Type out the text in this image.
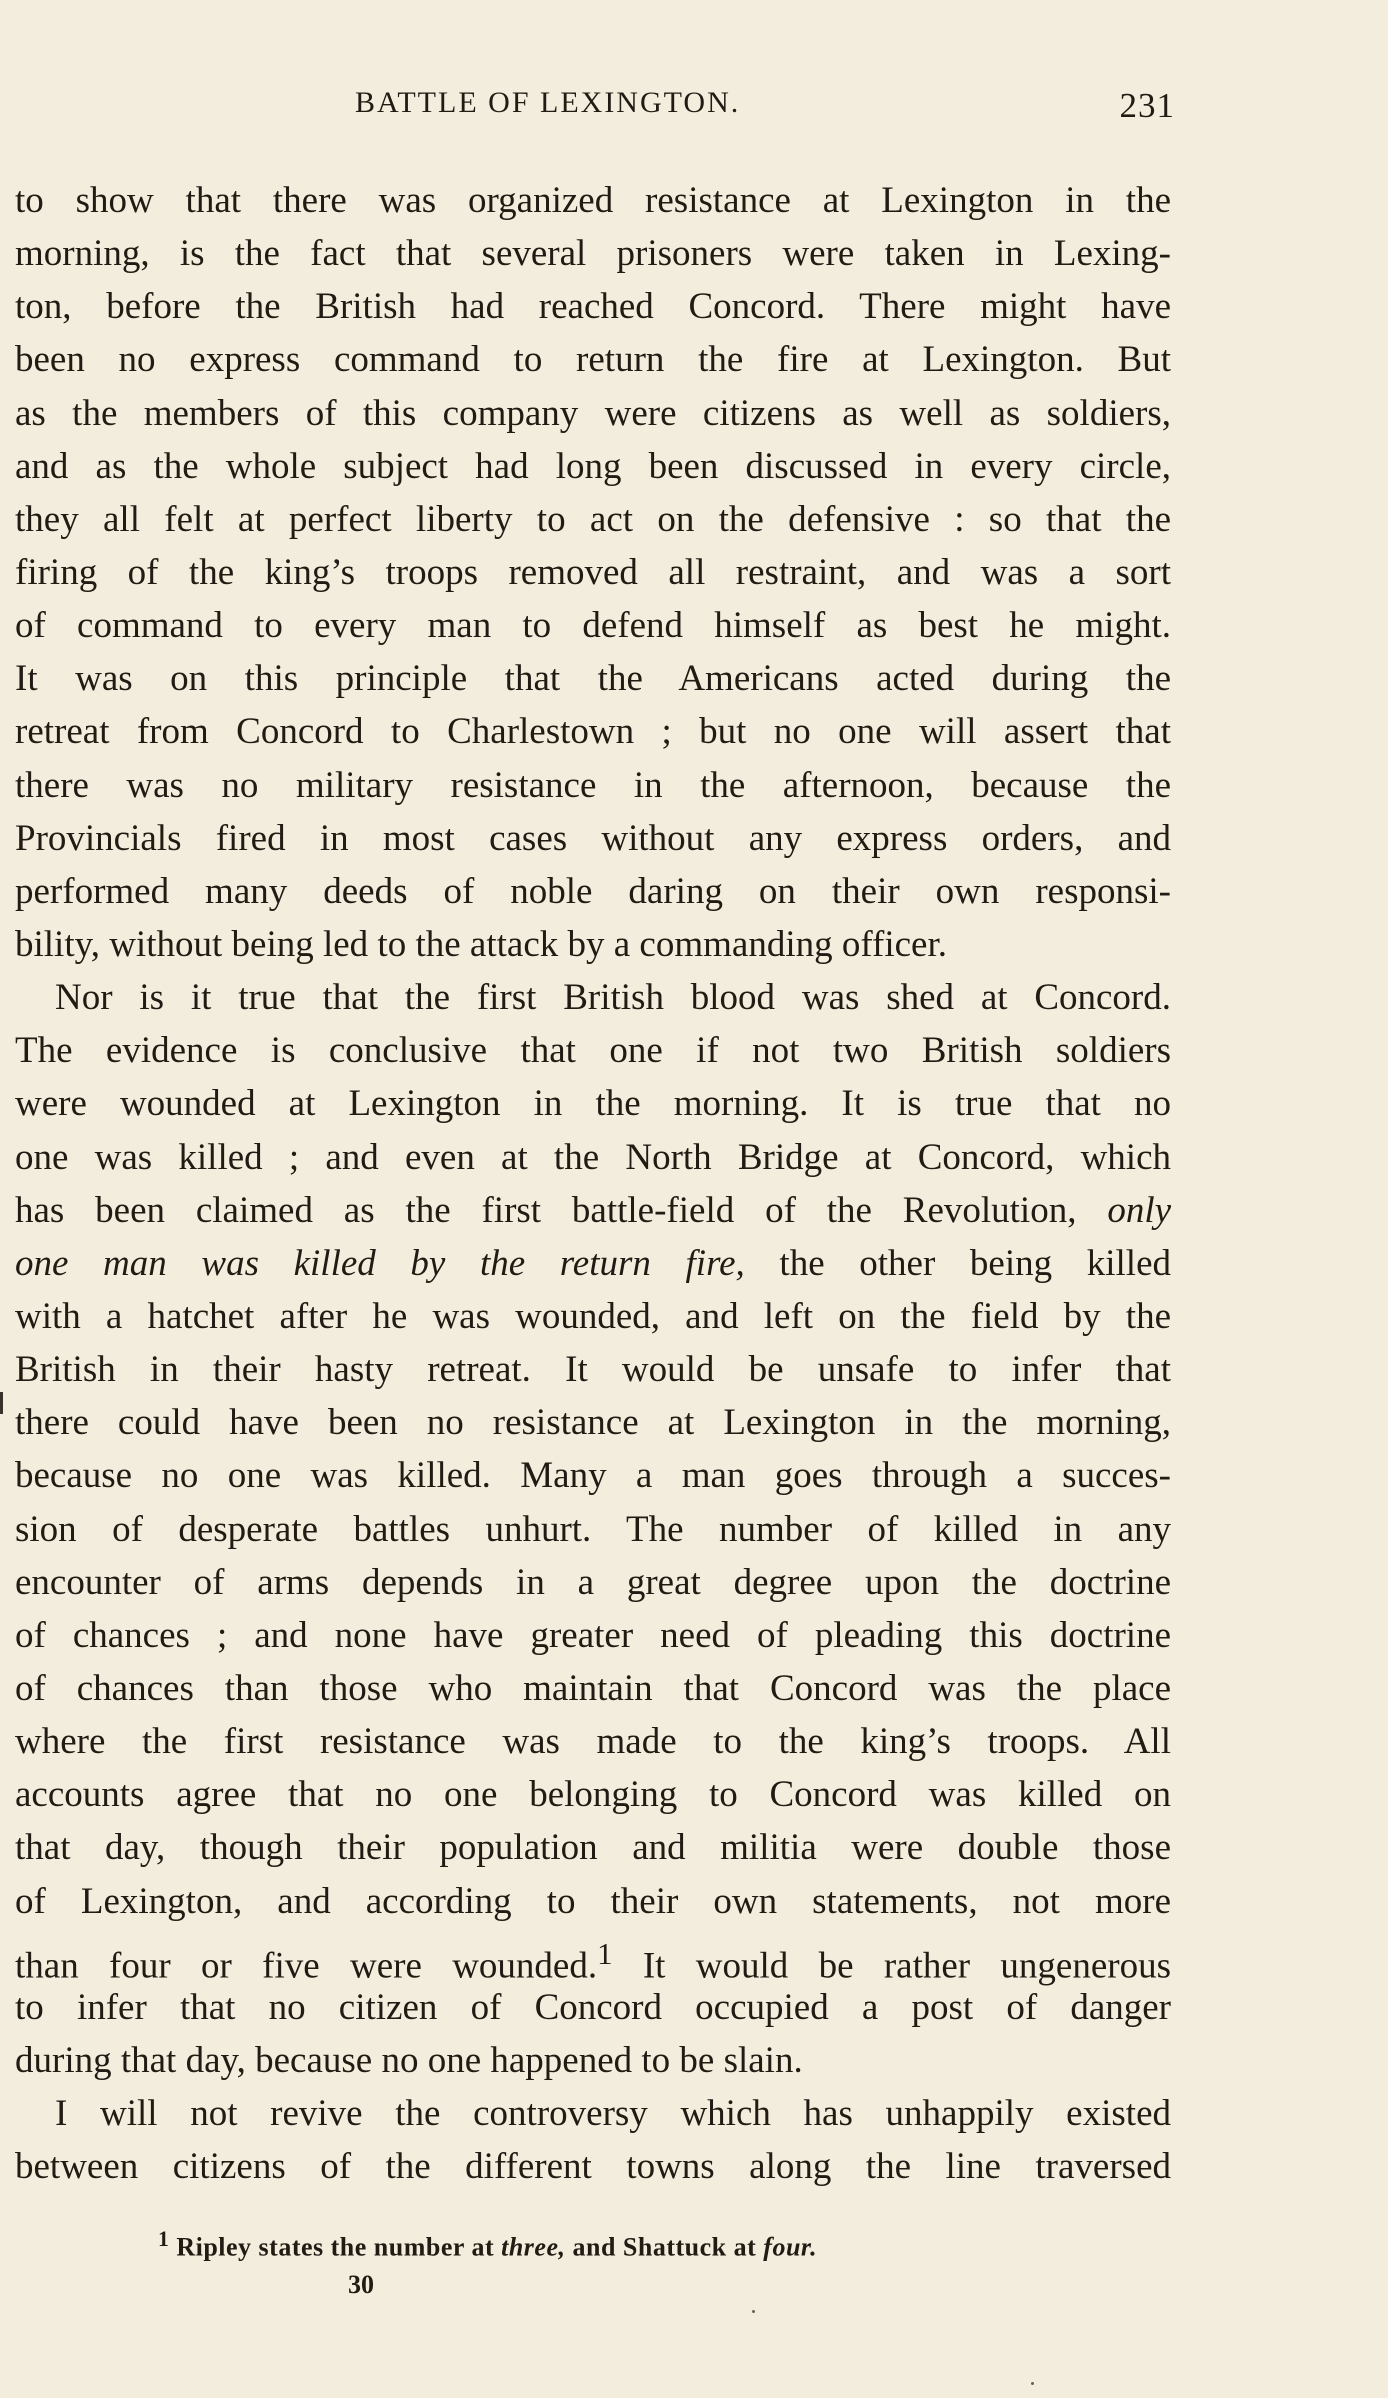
BATTLE OF LEXINGTON.	231
to show that there was organized resistance at Lexington in the
morning, is the fact that several prisoners were taken in Lexing-
ton, before the British had reached Concord. There might have
been no express command to return the fire at Lexington. But
as the members of this company were citizens as well as soldiers,
and as the whole subject had long been discussed in every circle,
they all felt at perfect liberty to act on the defensive : so that the
firing of the king’s troops removed all restraint, and was a sort
of command to every man to defend himself as best he might.
It was on this principle that the Americans acted during the
retreat from Concord to Charlestown ; but no one will assert that
there was no military resistance in the afternoon, because the
Provincials fired in most cases without any express orders, and
performed many deeds of noble daring on their own responsi-
bility, without being led to the attack by a commanding officer.
Nor is it true that the first British blood was shed at Concord.
The evidence is conclusive that one if not two British soldiers
were wounded at Lexington in the morning. It is true that no
one was killed ; and even at the North Bridge at Concord, which
has been claimed as the first battle-field of the Revolution, only
one man was killed by the return fire, the other being killed
with a hatchet after he was wounded, and left on the field by the
British in their hasty retreat. It would be unsafe to infer that
there could have been no resistance at Lexington in the morning,
because no one was killed. Many a man goes through a succes-
sion of desperate battles unhurt. The number of killed in any
encounter of arms depends in a great degree upon the doctrine
of chances ; and none have greater need of pleading this doctrine
of chances than those who maintain that Concord was the place
where the first resistance was made to the king’s troops. All
accounts agree that no one belonging to Concord was killed on
that day, though their population and militia were double those
of Lexington, and according to their own statements, not more
than four or five were wounded.$^1$ It would be rather ungenerous
to infer that no citizen of Concord occupied a post of danger
during that day, because no one happened to be slain.
I will not revive the controversy which has unhappily existed
between citizens of the different towns along the line traversed
$^1$ Ripley states the number at three, and Shattuck at four.
30
